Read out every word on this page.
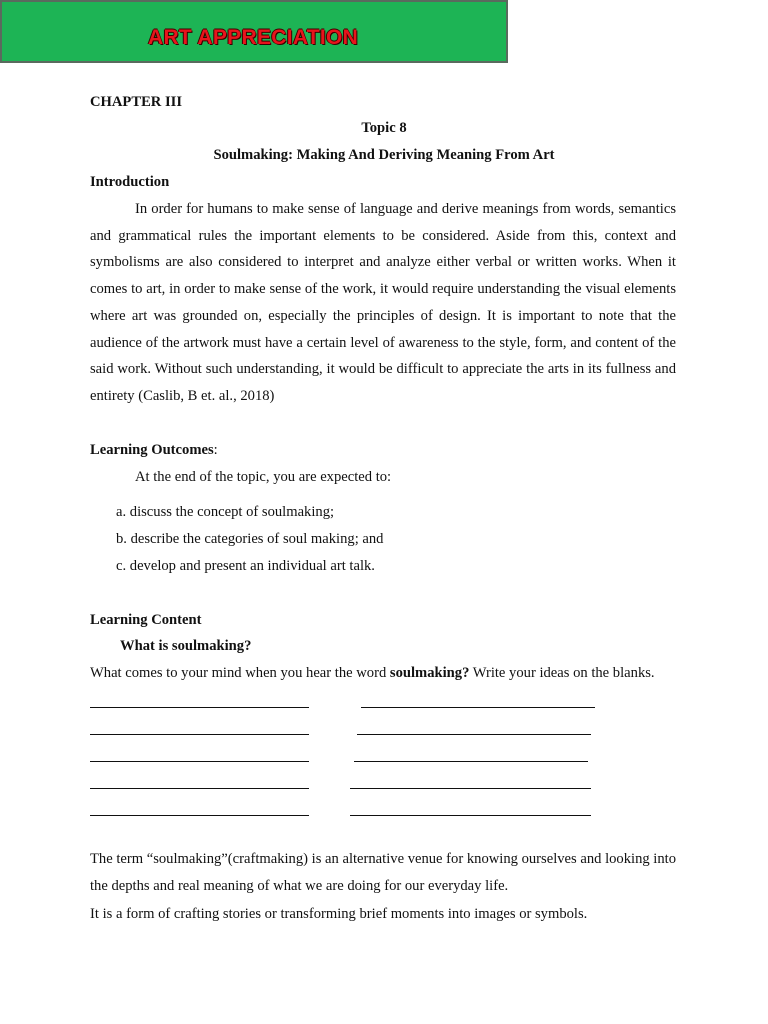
ART APPRECIATION
CHAPTER III
Topic 8
Soulmaking: Making And Deriving Meaning From Art
Introduction
In order for humans to make sense of language and derive meanings from words, semantics and grammatical rules the important elements to be considered. Aside from this, context and symbolisms are also considered to interpret and analyze either verbal or written works. When it comes to art, in order to make sense of the work, it would require understanding the visual elements where art was grounded on, especially the principles of design. It is important to note that the audience of the artwork must have a certain level of awareness to the style, form, and content of the said work. Without such understanding, it would be difficult to appreciate the arts in its fullness and entirety (Caslib, B et. al., 2018)
Learning Outcomes:
At the end of the topic, you are expected to:
a. discuss the concept of soulmaking;
b. describe the categories of soul making; and
c. develop and present an individual art talk.
Learning Content
What is soulmaking?
What comes to your mind when you hear the word soulmaking? Write your ideas on the blanks.
The term “soulmaking”(craftmaking) is an alternative venue for knowing ourselves and looking into the depths and real meaning of what we are doing for our everyday life.
It is a form of crafting stories or transforming brief moments into images or symbols.
